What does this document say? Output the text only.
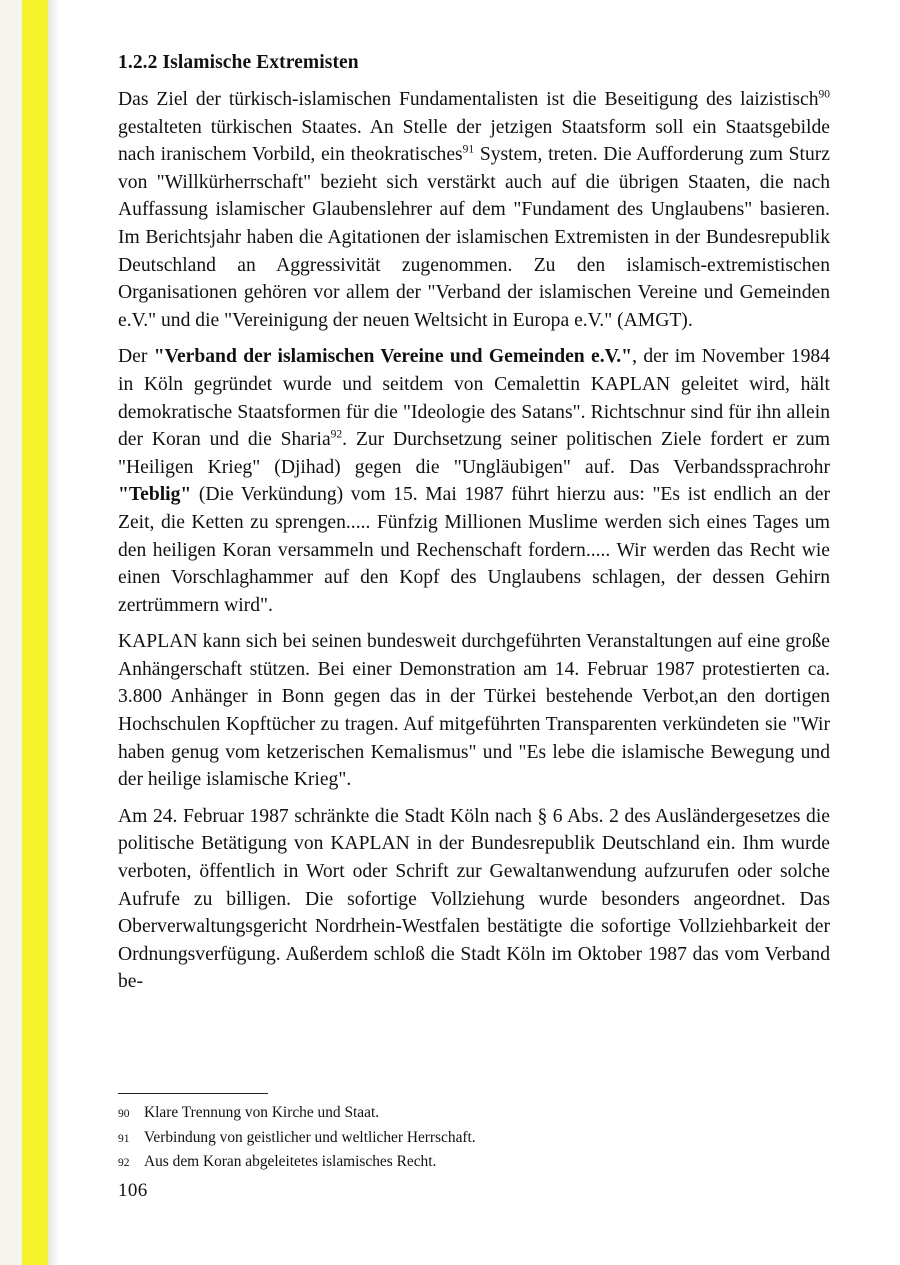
1.2.2 Islamische Extremisten

Das Ziel der türkisch-islamischen Fundamentalisten ist die Beseitigung des laizistisch$^{90}$ gestalteten türkischen Staates. An Stelle der jetzigen Staatsform soll ein Staatsgebilde nach iranischem Vorbild, ein theokratisches$^{91}$ System, treten. Die Aufforderung zum Sturz von "Willkürherrschaft" bezieht sich verstärkt auch auf die übrigen Staaten, die nach Auffassung islamischer Glaubenslehrer auf dem "Fundament des Unglaubens" basieren. Im Berichtsjahr haben die Agitationen der islamischen Extremisten in der Bundesrepublik Deutschland an Aggressivität zugenommen. Zu den islamisch-extremistischen Organisationen gehören vor allem der "Verband der islamischen Vereine und Gemeinden e.V." und die "Vereinigung der neuen Weltsicht in Europa e.V." (AMGT).

Der "Verband der islamischen Vereine und Gemeinden e.V.", der im November 1984 in Köln gegründet wurde und seitdem von Cemalettin KAPLAN geleitet wird, hält demokratische Staatsformen für die "Ideologie des Satans". Richtschnur sind für ihn allein der Koran und die Sharia$^{92}$. Zur Durchsetzung seiner politischen Ziele fordert er zum "Heiligen Krieg" (Djihad) gegen die "Ungläubigen" auf. Das Verbandssprachrohr "Teblig" (Die Verkündung) vom 15. Mai 1987 führt hierzu aus: "Es ist endlich an der Zeit, die Ketten zu sprengen..... Fünfzig Millionen Muslime werden sich eines Tages um den heiligen Koran versammeln und Rechenschaft fordern..... Wir werden das Recht wie einen Vorschlaghammer auf den Kopf des Unglaubens schlagen, der dessen Gehirn zertrümmern wird".

KAPLAN kann sich bei seinen bundesweit durchgeführten Veranstaltungen auf eine große Anhängerschaft stützen. Bei einer Demonstration am 14. Februar 1987 protestierten ca. 3.800 Anhänger in Bonn gegen das in der Türkei bestehende Verbot,an den dortigen Hochschulen Kopftücher zu tragen. Auf mitgeführten Transparenten verkündeten sie "Wir haben genug vom ketzerischen Kemalismus" und "Es lebe die islamische Bewegung und der heilige islamische Krieg".

Am 24. Februar 1987 schränkte die Stadt Köln nach § 6 Abs. 2 des Ausländergesetzes die politische Betätigung von KAPLAN in der Bundesrepublik Deutschland ein. Ihm wurde verboten, öffentlich in Wort oder Schrift zur Gewaltanwendung aufzurufen oder solche Aufrufe zu billigen. Die sofortige Vollziehung wurde besonders angeordnet. Das Oberverwaltungsgericht Nordrhein-Westfalen bestätigte die sofortige Vollziehbarkeit der Ordnungsverfügung. Außerdem schloß die Stadt Köln im Oktober 1987 das vom Verband be-

90 Klare Trennung von Kirche und Staat.
91 Verbindung von geistlicher und weltlicher Herrschaft.
92 Aus dem Koran abgeleitetes islamisches Recht.
106
